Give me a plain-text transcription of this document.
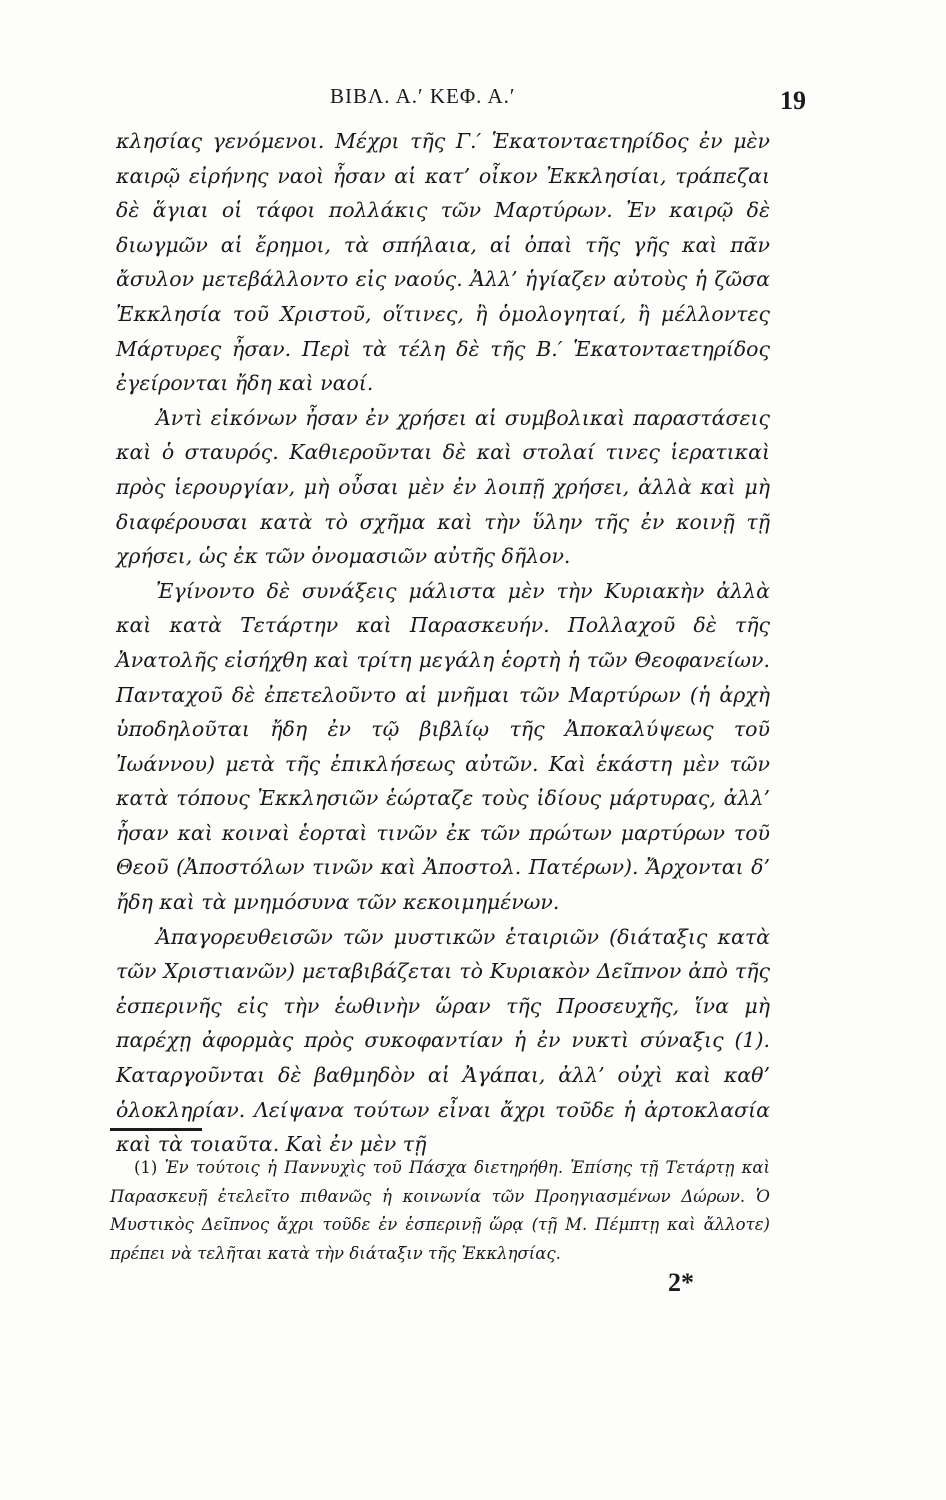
ΒΙΒΛ. Α.′ ΚΕΦ. Α.′	19

κλησίας γενόμενοι. Μέχρι τῆς Γ.′ Ἑκατονταετηρίδος ἐν μὲν καιρῷ εἰρήνης ναοὶ ἦσαν αἱ κατ’ οἶκον Ἐκκλησίαι, τράπεζαι δὲ ἅγιαι οἱ τάφοι πολλάκις τῶν Μαρτύρων. Ἐν καιρῷ δὲ διωγμῶν αἱ ἔρημοι, τὰ σπήλαια, αἱ ὀπαὶ τῆς γῆς καὶ πᾶν ἄσυλον μετεβάλλοντο εἰς ναούς. Ἀλλ’ ἡγίαζεν αὐτοὺς ἡ ζῶσα Ἐκκλησία τοῦ Χριστοῦ, οἵτινες, ἢ ὁμολογηταί, ἢ μέλλοντες Μάρτυρες ἦσαν. Περὶ τὰ τέλη δὲ τῆς Β.′ Ἑκατονταετηρίδος ἐγείρονται ἤδη καὶ ναοί.

Ἀντὶ εἰκόνων ἦσαν ἐν χρήσει αἱ συμβολικαὶ παραστάσεις καὶ ὁ σταυρός. Καθιεροῦνται δὲ καὶ στολαί τινες ἱερατικαὶ πρὸς ἱερουργίαν, μὴ οὖσαι μὲν ἐν λοιπῇ χρήσει, ἀλλὰ καὶ μὴ διαφέρουσαι κατὰ τὸ σχῆμα καὶ τὴν ὕλην τῆς ἐν κοινῇ τῇ χρήσει, ὡς ἐκ τῶν ὀνομασιῶν αὐτῆς δῆλον.

Ἐγίνοντο δὲ συνάξεις μάλιστα μὲν τὴν Κυριακὴν ἀλλὰ καὶ κατὰ Τετάρτην καὶ Παρασκευήν. Πολλαχοῦ δὲ τῆς Ἀνατολῆς εἰσήχθη καὶ τρίτη μεγάλη ἑορτὴ ἡ τῶν Θεοφανείων. Πανταχοῦ δὲ ἐπετελοῦντο αἱ μνῆμαι τῶν Μαρτύρων (ἡ ἀρχὴ ὑποδηλοῦται ἤδη ἐν τῷ βιβλίῳ τῆς Ἀποκαλύψεως τοῦ Ἰωάννου) μετὰ τῆς ἐπικλήσεως αὐτῶν. Καὶ ἑκάστη μὲν τῶν κατὰ τόπους Ἐκκλησιῶν ἑώρταζε τοὺς ἰδίους μάρτυρας, ἀλλ’ ἦσαν καὶ κοιναὶ ἑορταὶ τινῶν ἐκ τῶν πρώτων μαρτύρων τοῦ Θεοῦ (Ἀποστόλων τινῶν καὶ Ἀποστολ. Πατέρων). Ἄρχονται δ’ ἤδη καὶ τὰ μνημόσυνα τῶν κεκοιμημένων.

Ἀπαγορευθεισῶν τῶν μυστικῶν ἑταιριῶν (διάταξις κατὰ τῶν Χριστιανῶν) μεταβιβάζεται τὸ Κυριακὸν Δεῖπνον ἀπὸ τῆς ἑσπερινῆς εἰς τὴν ἑωθινὴν ὥραν τῆς Προσευχῆς, ἵνα μὴ παρέχῃ ἀφορμὰς πρὸς συκοφαντίαν ἡ ἐν νυκτὶ σύναξις (1). Καταργοῦνται δὲ βαθμηδὸν αἱ Ἀγάπαι, ἀλλ’ οὐχὶ καὶ καθ’ ὁλοκληρίαν. Λείψανα τούτων εἶναι ἄχρι τοῦδε ἡ ἀρτοκλασία καὶ τὰ τοιαῦτα. Καὶ ἐν μὲν τῇ

(1) Ἐν τούτοις ἡ Παννυχὶς τοῦ Πάσχα διετηρήθη. Ἐπίσης τῇ Τετάρτῃ καὶ Παρασκευῇ ἐτελεῖτο πιθανῶς ἡ κοινωνία τῶν Προηγιασμένων Δώρων. Ὁ Μυστικὸς Δεῖπνος ἄχρι τοῦδε ἐν ἑσπερινῇ ὥρᾳ (τῇ Μ. Πέμπτῃ καὶ ἄλλοτε) πρέπει νὰ τελῆται κατὰ τὴν διάταξιν τῆς Ἐκκλησίας.
2*
